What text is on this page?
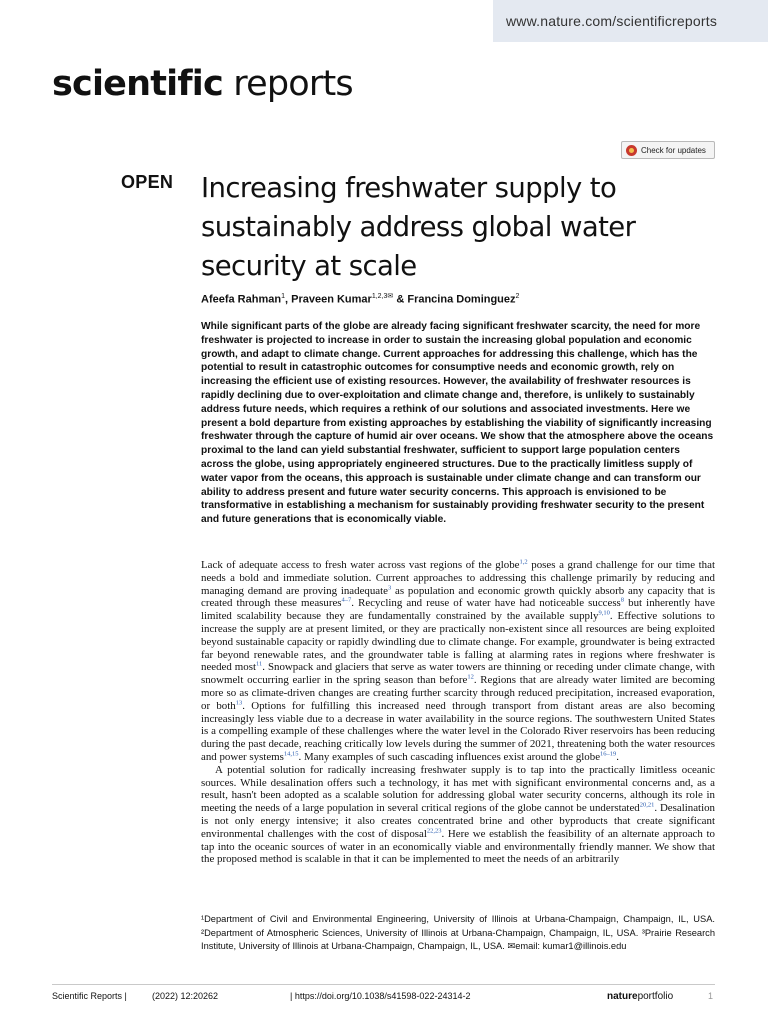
www.nature.com/scientificreports
scientific reports
Check for updates
OPEN Increasing freshwater supply to sustainably address global water security at scale
Afeefa Rahman$^1$, Praveen Kumar$^{1,2,3✉}$ & Francina Dominguez$^2$

While significant parts of the globe are already facing significant freshwater scarcity, the need for more freshwater is projected to increase in order to sustain the increasing global population and economic growth, and adapt to climate change. Current approaches for addressing this challenge, which has the potential to result in catastrophic outcomes for consumptive needs and economic growth, rely on increasing the efficient use of existing resources. However, the availability of freshwater resources is rapidly declining due to over-exploitation and climate change and, therefore, is unlikely to sustainably address future needs, which requires a rethink of our solutions and associated investments. Here we present a bold departure from existing approaches by establishing the viability of significantly increasing freshwater through the capture of humid air over oceans. We show that the atmosphere above the oceans proximal to the land can yield substantial freshwater, sufficient to support large population centers across the globe, using appropriately engineered structures. Due to the practically limitless supply of water vapor from the oceans, this approach is sustainable under climate change and can transform our ability to address present and future water security concerns. This approach is envisioned to be transformative in establishing a mechanism for sustainably providing freshwater security to the present and future generations that is economically viable.

Lack of adequate access to fresh water across vast regions of the globe$^{1,2}$ poses a grand challenge for our time that needs a bold and immediate solution. Current approaches to addressing this challenge primarily by reducing and managing demand are proving inadequate$^3$ as population and economic growth quickly absorb any capacity that is created through these measures$^{4-7}$. Recycling and reuse of water have had noticeable success$^8$ but inherently have limited scalability because they are fundamentally constrained by the available supply$^{9,10}$. Effective solutions to increase the supply are at present limited, or they are practically non-existent since all resources are being exploited beyond sustainable capacity or rapidly dwindling due to climate change. For example, groundwater is being extracted far beyond renewable rates, and the groundwater table is falling at alarming rates in regions where freshwater is needed most$^{11}$. Snowpack and glaciers that serve as water towers are thinning or receding under climate change, with snowmelt occurring earlier in the spring season than before$^{12}$. Regions that are already water limited are becoming more so as climate-driven changes are creating further scarcity through reduced precipitation, increased evaporation, or both$^{13}$. Options for fulfilling this increased need through transport from distant areas are also becoming increasingly less viable due to a decrease in water availability in the source regions. The southwestern United States is a compelling example of these challenges where the water level in the Colorado River reservoirs has been reducing during the past decade, reaching critically low levels during the summer of 2021, threatening both the water resources and power systems$^{14,15}$. Many examples of such cascading influences exist around the globe$^{16-19}$.

A potential solution for radically increasing freshwater supply is to tap into the practically limitless oceanic sources. While desalination offers such a technology, it has met with significant environmental concerns and, as a result, hasn't been adopted as a scalable solution for addressing global water security concerns, although its role in meeting the needs of a large population in several critical regions of the globe cannot be understated$^{20,21}$. Desalination is not only energy intensive; it also creates concentrated brine and other byproducts that create significant environmental challenges with the cost of disposal$^{22,23}$. Here we establish the feasibility of an alternate approach to tap into the oceanic sources of water in an economically viable and environmentally friendly manner. We show that the proposed method is scalable in that it can be implemented to meet the needs of an arbitrarily

¹Department of Civil and Environmental Engineering, University of Illinois at Urbana-Champaign, Champaign, IL, USA. ²Department of Atmospheric Sciences, University of Illinois at Urbana-Champaign, Champaign, IL, USA. ³Prairie Research Institute, University of Illinois at Urbana-Champaign, Champaign, IL, USA. ✉email: kumar1@illinois.edu

Scientific Reports |	(2022) 12:20262	| https://doi.org/10.1038/s41598-022-24314-2	natureportfolio	1
